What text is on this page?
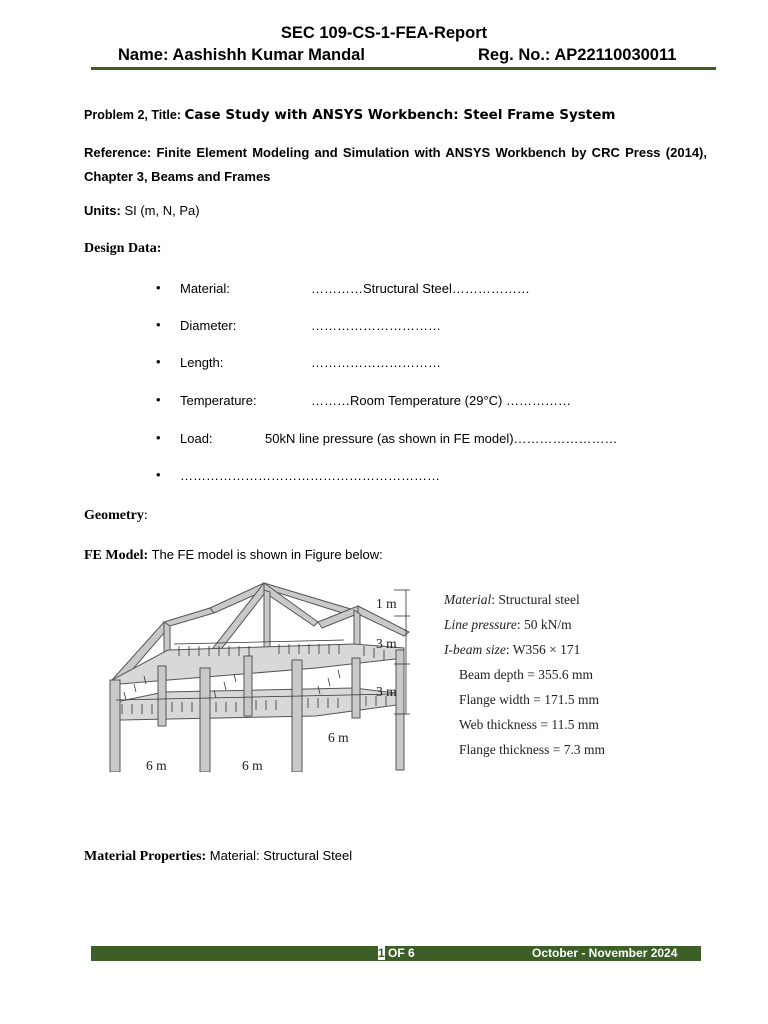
SEC 109-CS-1-FEA-Report
Name: Aashishh Kumar Mandal	Reg. No.: AP22110030011
Problem 2, Title: Case Study with ANSYS Workbench: Steel Frame System
Reference: Finite Element Modeling and Simulation with ANSYS Workbench by CRC Press (2014), Chapter 3, Beams and Frames
Units: SI (m, N, Pa)
Design Data:
• Material:	…………Structural Steel………………
• Diameter:	…………………………
• Length:	…………………………
• Temperature:	………Room Temperature (29°C) ……………
• Load:	50kN line pressure (as shown in FE model)……………………
• ……………………………………………………
Geometry:
FE Model: The FE model is shown in Figure below:
1 m
3 m
3 m
6 m
6 m	6 m
Material: Structural steel
Line pressure: 50 kN/m
I-beam size: W356 × 171
Beam depth = 355.6 mm
Flange width = 171.5 mm
Web thickness = 11.5 mm
Flange thickness = 7.3 mm
Material Properties: Material: Structural Steel
1 OF 6	October - November 2024
